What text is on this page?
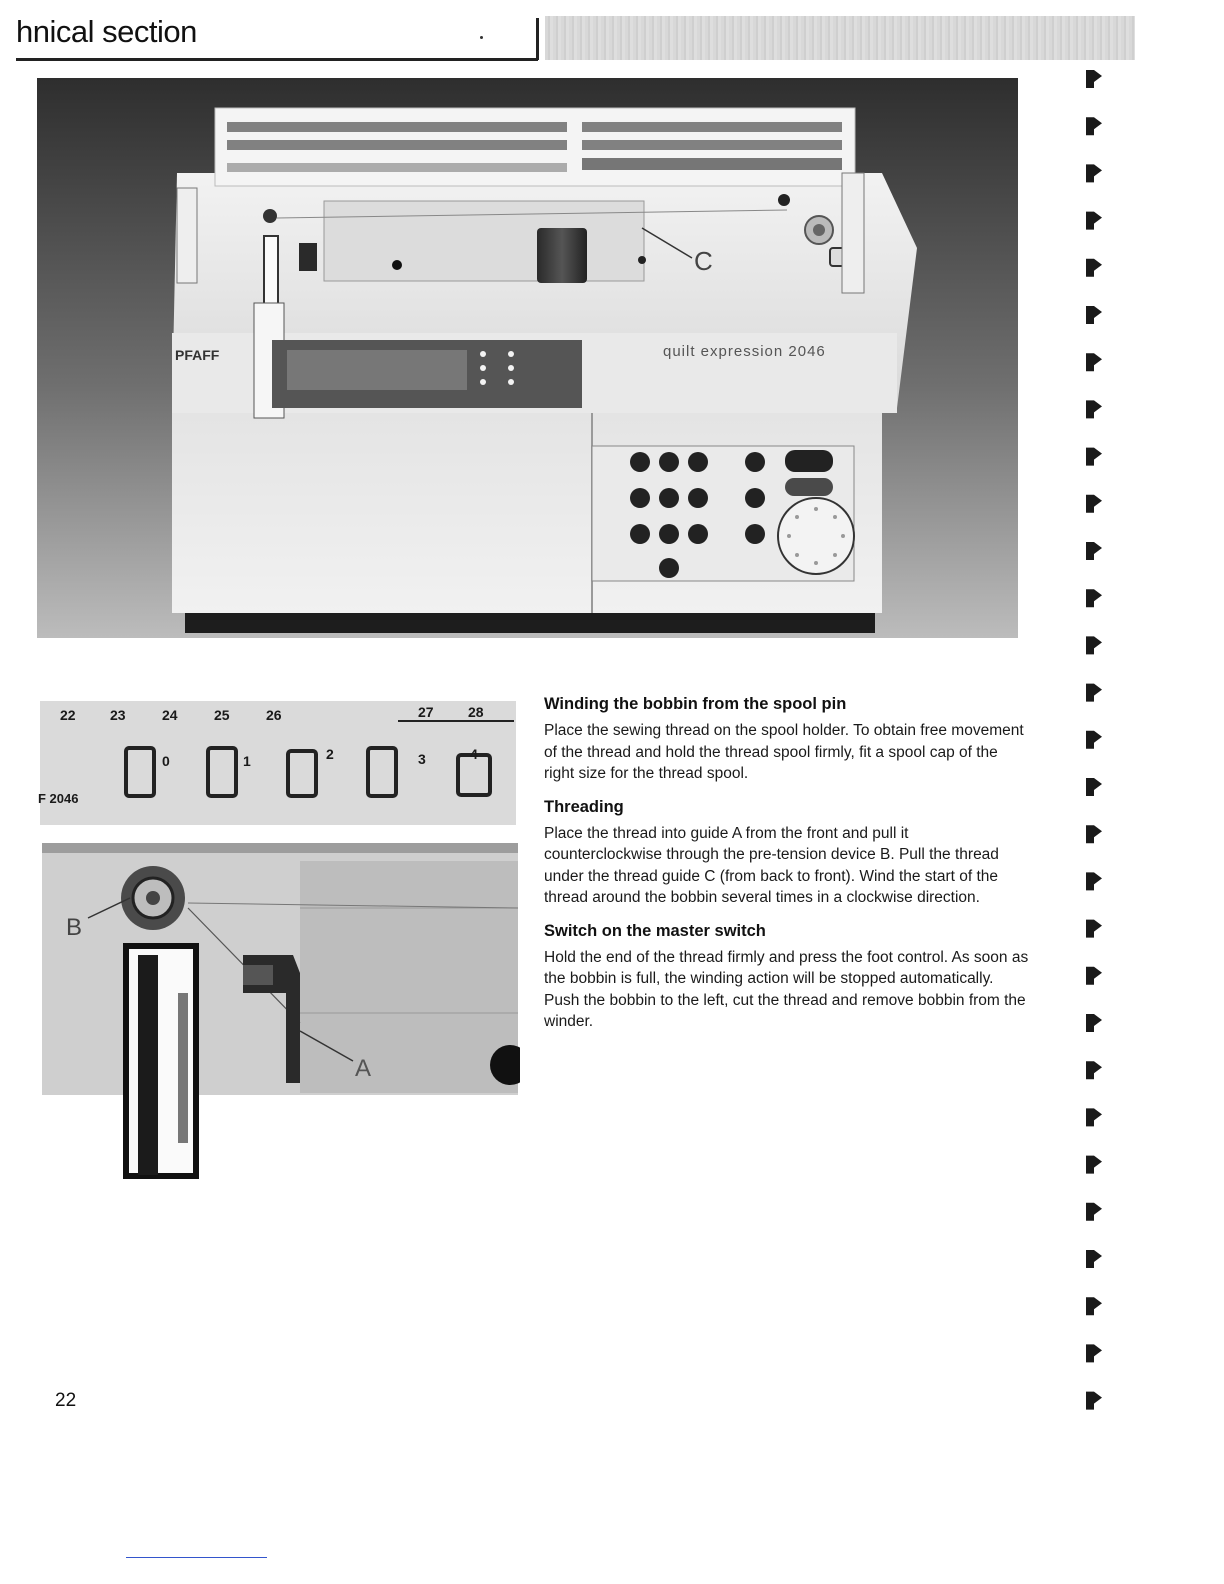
hnical section
C
PFAFF	quilt expression 2046
22 23	24	25	26	27 28
0	1	2	3	4
F 2046
B
A
Winding the bobbin from the spool pin
Place the sewing thread on the spool holder. To obtain free movement of the thread and hold the thread spool firmly, fit a spool cap of the right size for the thread spool.
Threading
Place the thread into guide A from the front and pull it counterclockwise through the pre-tension device B. Pull the thread under the thread guide C (from back to front). Wind the start of the thread around the bobbin several times in a clockwise direction.
Switch on the master switch
Hold the end of the thread firmly and press the foot control. As soon as the bobbin is full, the winding action will be stopped automatically. Push the bobbin to the left, cut the thread and remove bobbin from the winder.
22
